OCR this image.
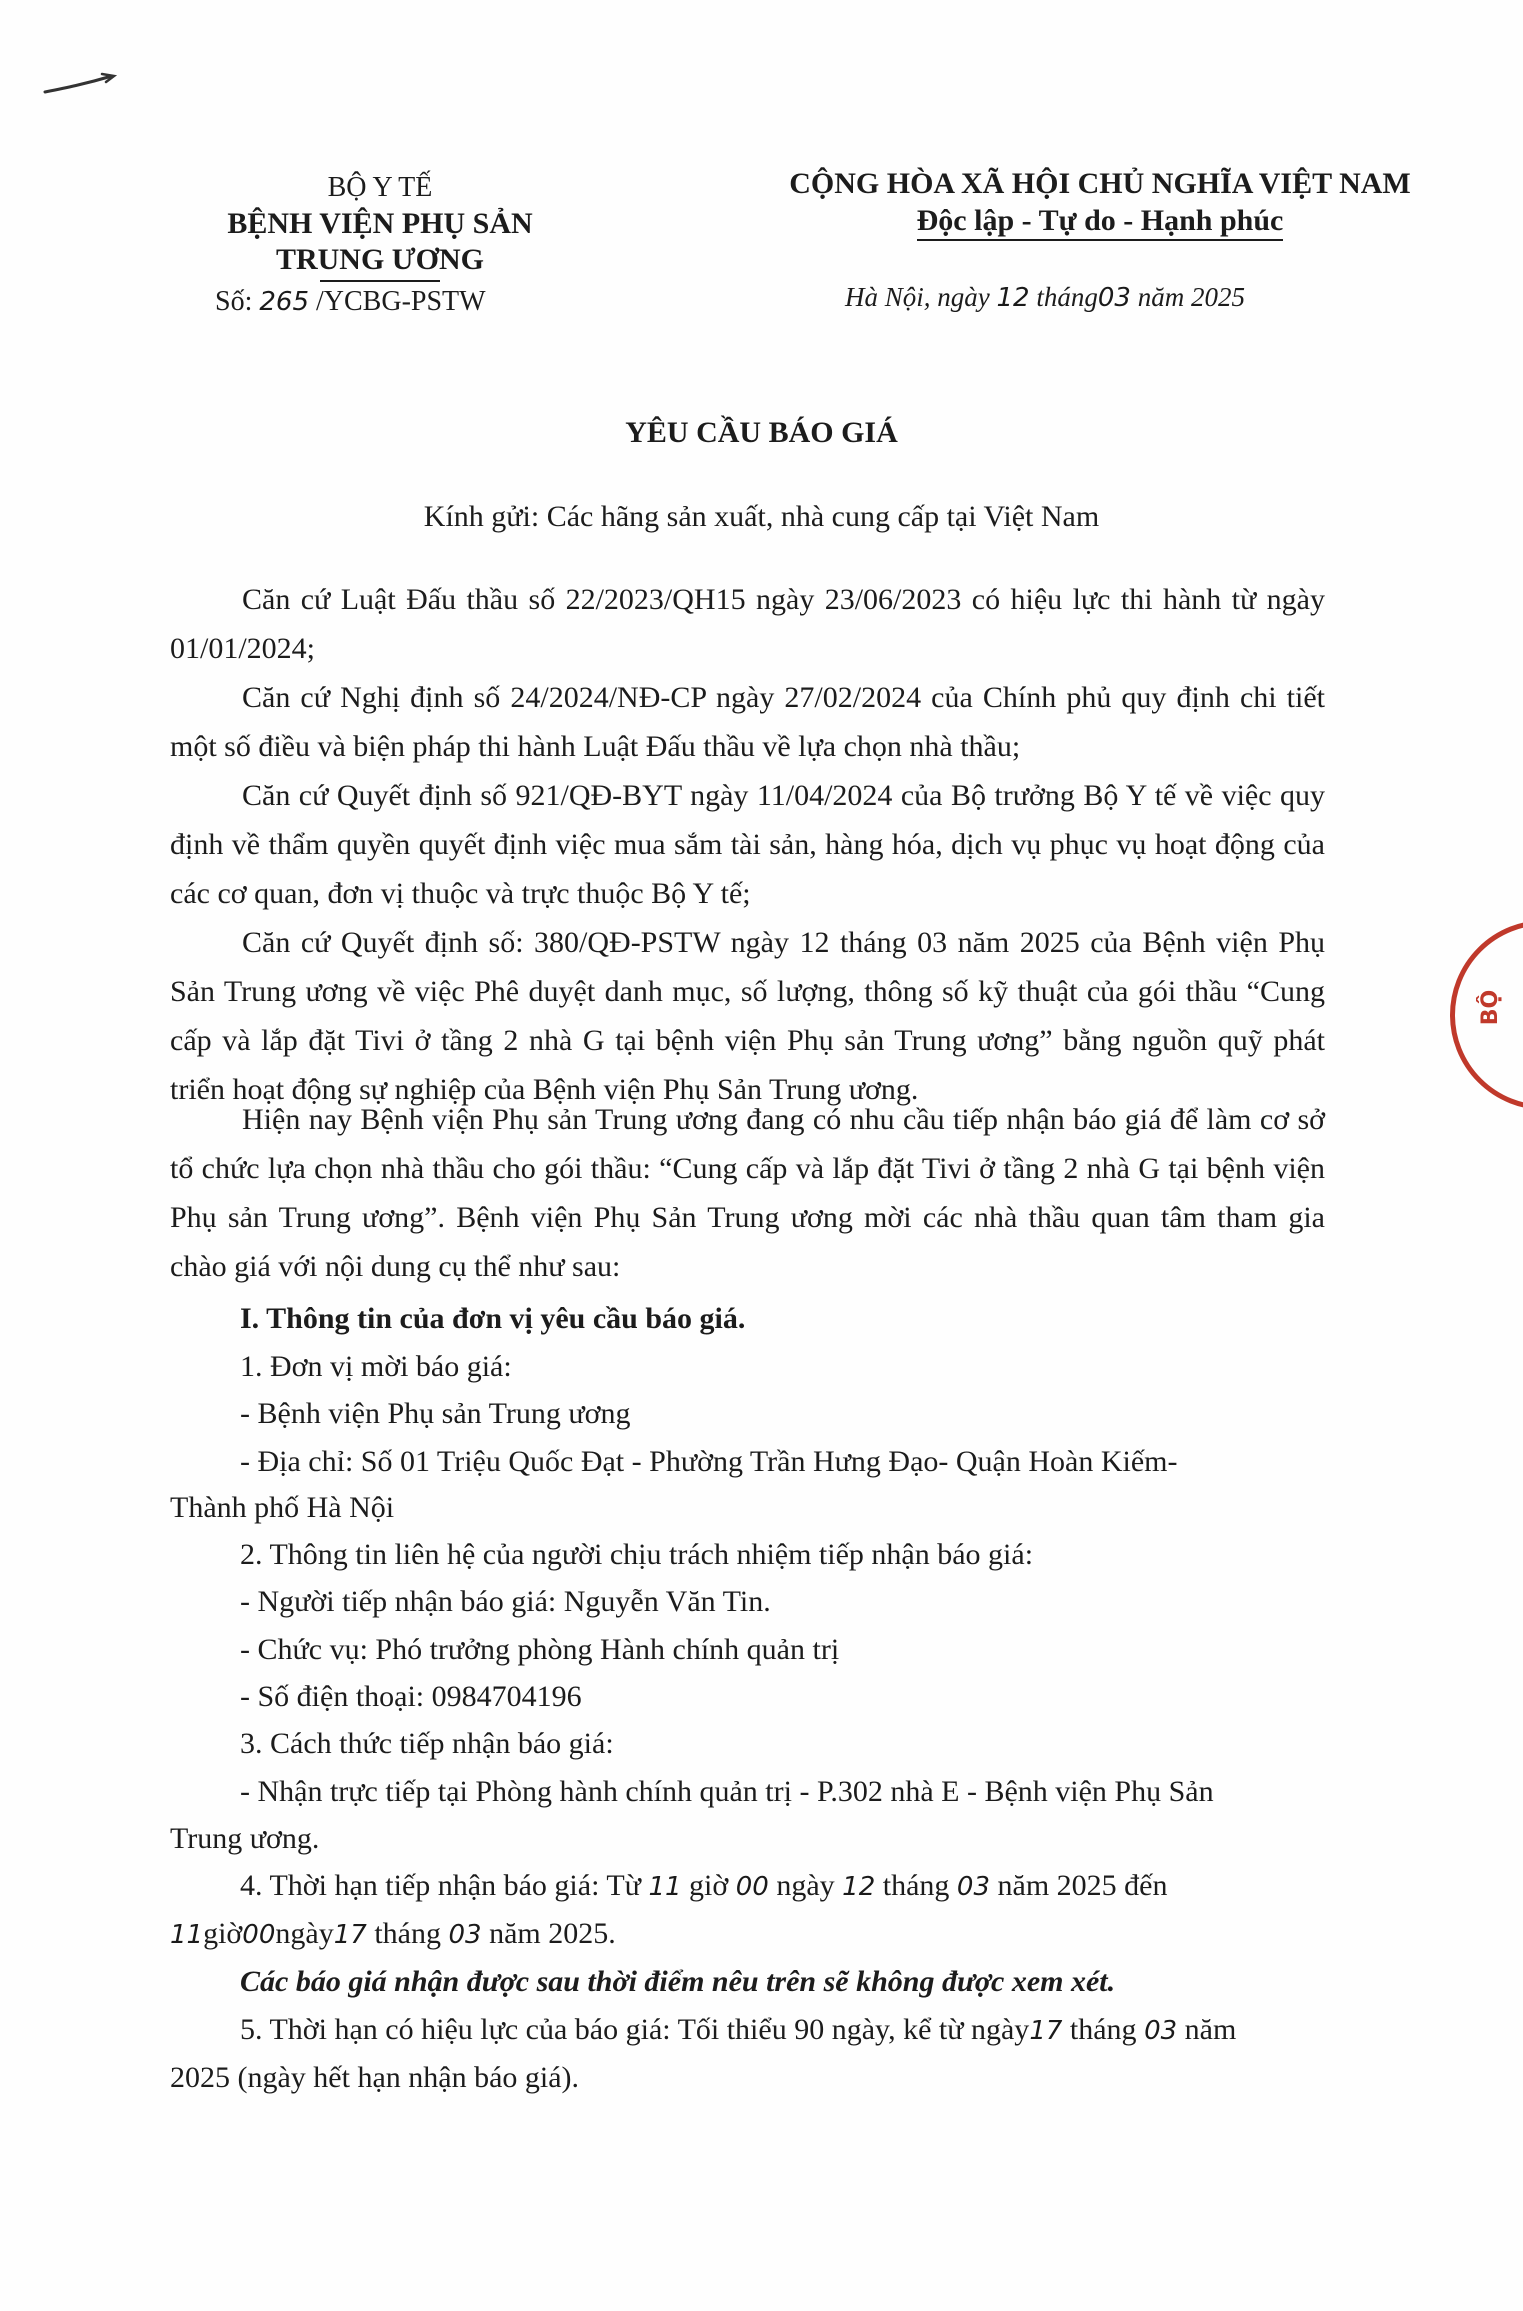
BỘ Y TẾ
BỆNH VIỆN PHỤ SẢN
TRUNG ƯƠNG
Số: 265 /YCBG-PSTW
CỘNG HÒA XÃ HỘI CHỦ NGHĨA VIỆT NAM
Độc lập - Tự do - Hạnh phúc
Hà Nội, ngày 12 tháng03 năm 2025
YÊU CẦU BÁO GIÁ
Kính gửi: Các hãng sản xuất, nhà cung cấp tại Việt Nam

Căn cứ Luật Đấu thầu số 22/2023/QH15 ngày 23/06/2023 có hiệu lực thi hành từ ngày 01/01/2024;

Căn cứ Nghị định số 24/2024/NĐ-CP ngày 27/02/2024 của Chính phủ quy định chi tiết một số điều và biện pháp thi hành Luật Đấu thầu về lựa chọn nhà thầu;

Căn cứ Quyết định số 921/QĐ-BYT ngày 11/04/2024 của Bộ trưởng Bộ Y tế về việc quy định về thẩm quyền quyết định việc mua sắm tài sản, hàng hóa, dịch vụ phục vụ hoạt động của các cơ quan, đơn vị thuộc và trực thuộc Bộ Y tế;

Căn cứ Quyết định số: 380/QĐ-PSTW ngày 12 tháng 03 năm 2025 của Bệnh viện Phụ Sản Trung ương về việc Phê duyệt danh mục, số lượng, thông số kỹ thuật của gói thầu “Cung cấp và lắp đặt Tivi ở tầng 2 nhà G tại bệnh viện Phụ sản Trung ương” bằng nguồn quỹ phát triển hoạt động sự nghiệp của Bệnh viện Phụ Sản Trung ương.

Hiện nay Bệnh viện Phụ sản Trung ương đang có nhu cầu tiếp nhận báo giá để làm cơ sở tổ chức lựa chọn nhà thầu cho gói thầu: “Cung cấp và lắp đặt Tivi ở tầng 2 nhà G tại bệnh viện Phụ sản Trung ương”. Bệnh viện Phụ Sản Trung ương mời các nhà thầu quan tâm tham gia chào giá với nội dung cụ thể như sau:

I. Thông tin của đơn vị yêu cầu báo giá.
1. Đơn vị mời báo giá:
- Bệnh viện Phụ sản Trung ương
- Địa chỉ: Số 01 Triệu Quốc Đạt - Phường Trần Hưng Đạo- Quận Hoàn Kiếm-
Thành phố Hà Nội
2. Thông tin liên hệ của người chịu trách nhiệm tiếp nhận báo giá:
- Người tiếp nhận báo giá: Nguyễn Văn Tin.
- Chức vụ: Phó trưởng phòng Hành chính quản trị
- Số điện thoại: 0984704196
3. Cách thức tiếp nhận báo giá:
- Nhận trực tiếp tại Phòng hành chính quản trị - P.302 nhà E - Bệnh viện Phụ Sản
Trung ương.
4. Thời hạn tiếp nhận báo giá: Từ 11 giờ 00 ngày 12 tháng 03 năm 2025 đến
11giờ00ngày17 tháng 03 năm 2025.
Các báo giá nhận được sau thời điểm nêu trên sẽ không được xem xét.
5. Thời hạn có hiệu lực của báo giá: Tối thiểu 90 ngày, kể từ ngày17 tháng 03 năm
2025 (ngày hết hạn nhận báo giá).
BỘ
